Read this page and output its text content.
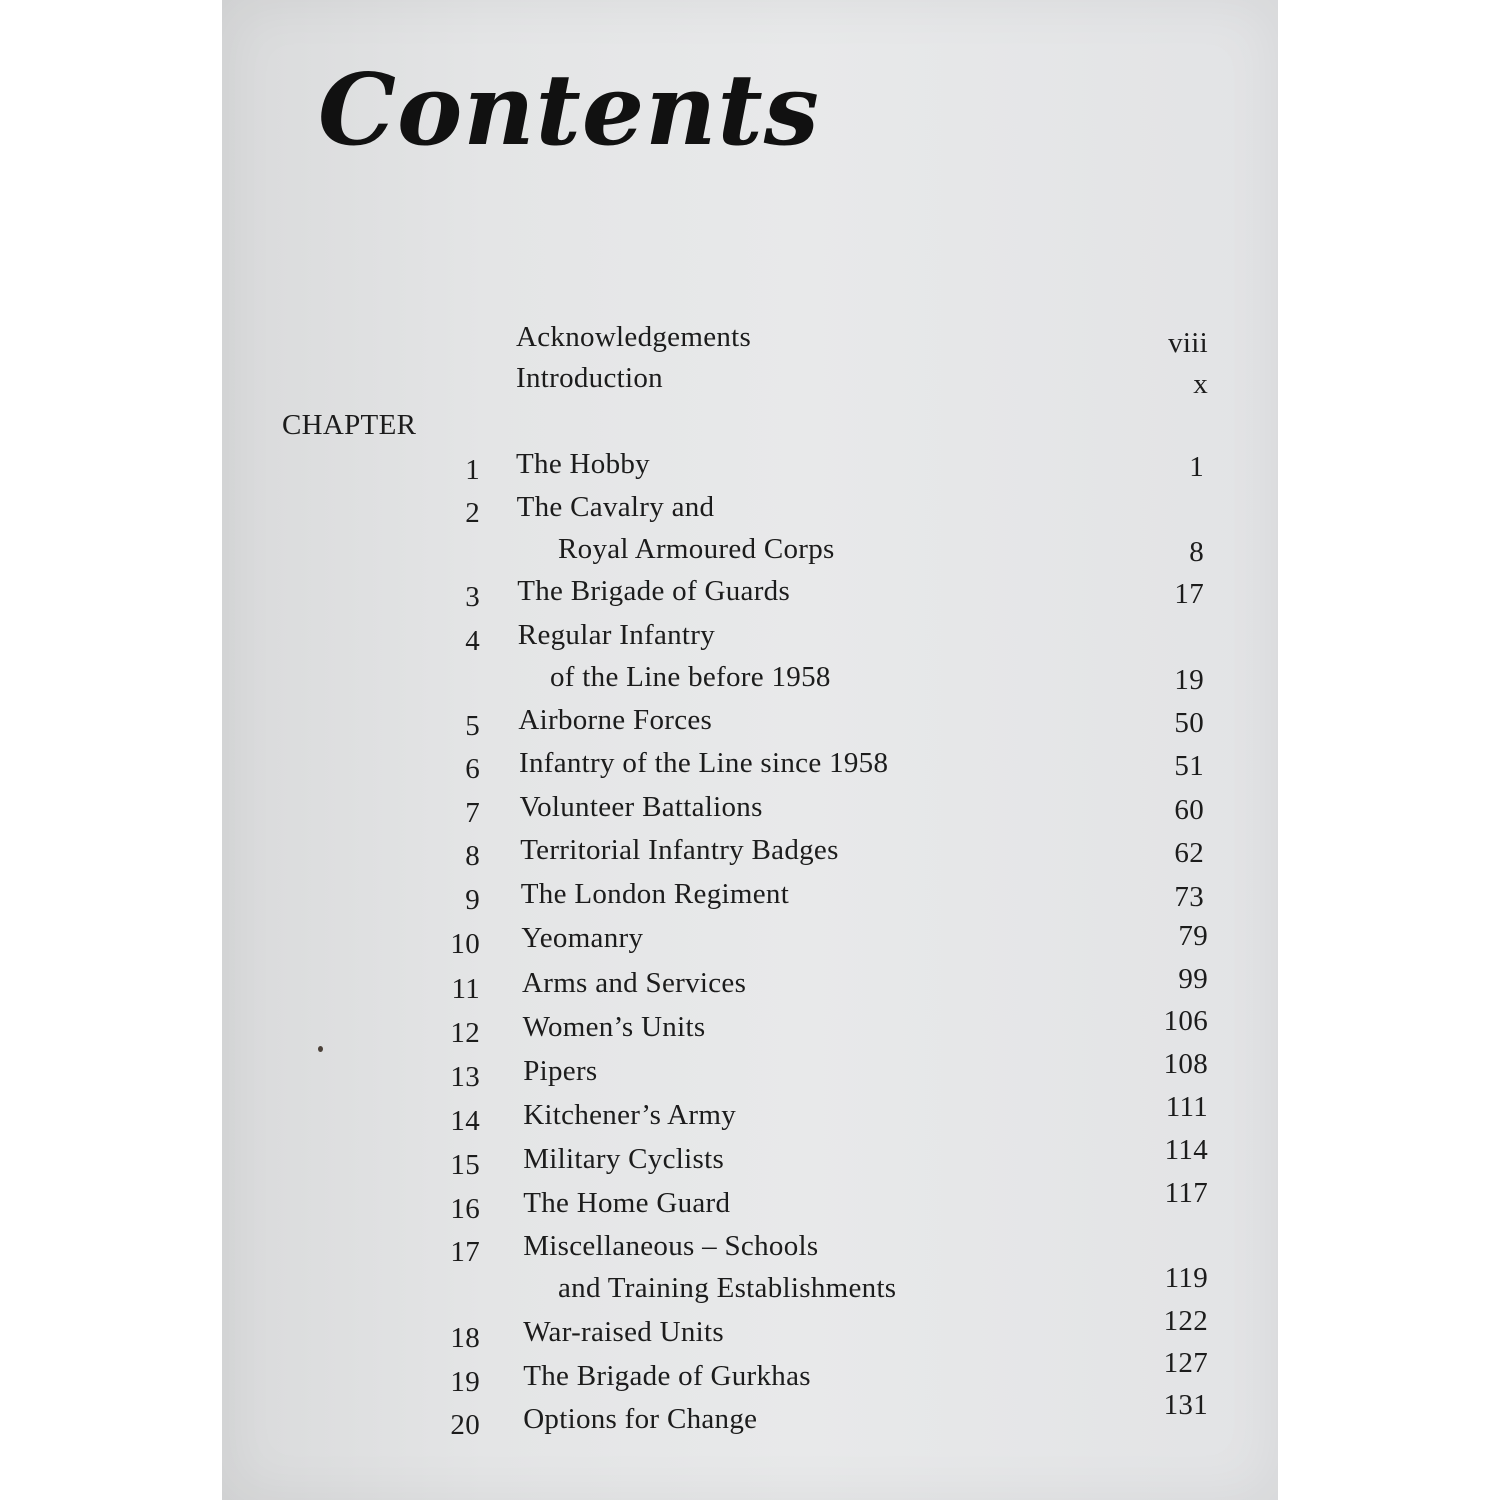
Contents
CHAPTER
Acknowledgements	viii
Introduction	x
1 The Hobby	1
2 The Cavalry and
Royal Armoured Corps	8
3 The Brigade of Guards	17
4 Regular Infantry
of the Line before 1958	19
5 Airborne Forces	50
6 Infantry of the Line since 1958	51
7 Volunteer Battalions	60
8 Territorial Infantry Badges	62
9 The London Regiment	73
10 Yeomanry	79
11 Arms and Services	99
12 Women’s Units	106
13 Pipers	108
14 Kitchener’s Army	111
15 Military Cyclists	114
16 The Home Guard	117
17 Miscellaneous – Schools
and Training Establishments	119
18 War-raised Units	122
19 The Brigade of Gurkhas	127
20 Options for Change	131
